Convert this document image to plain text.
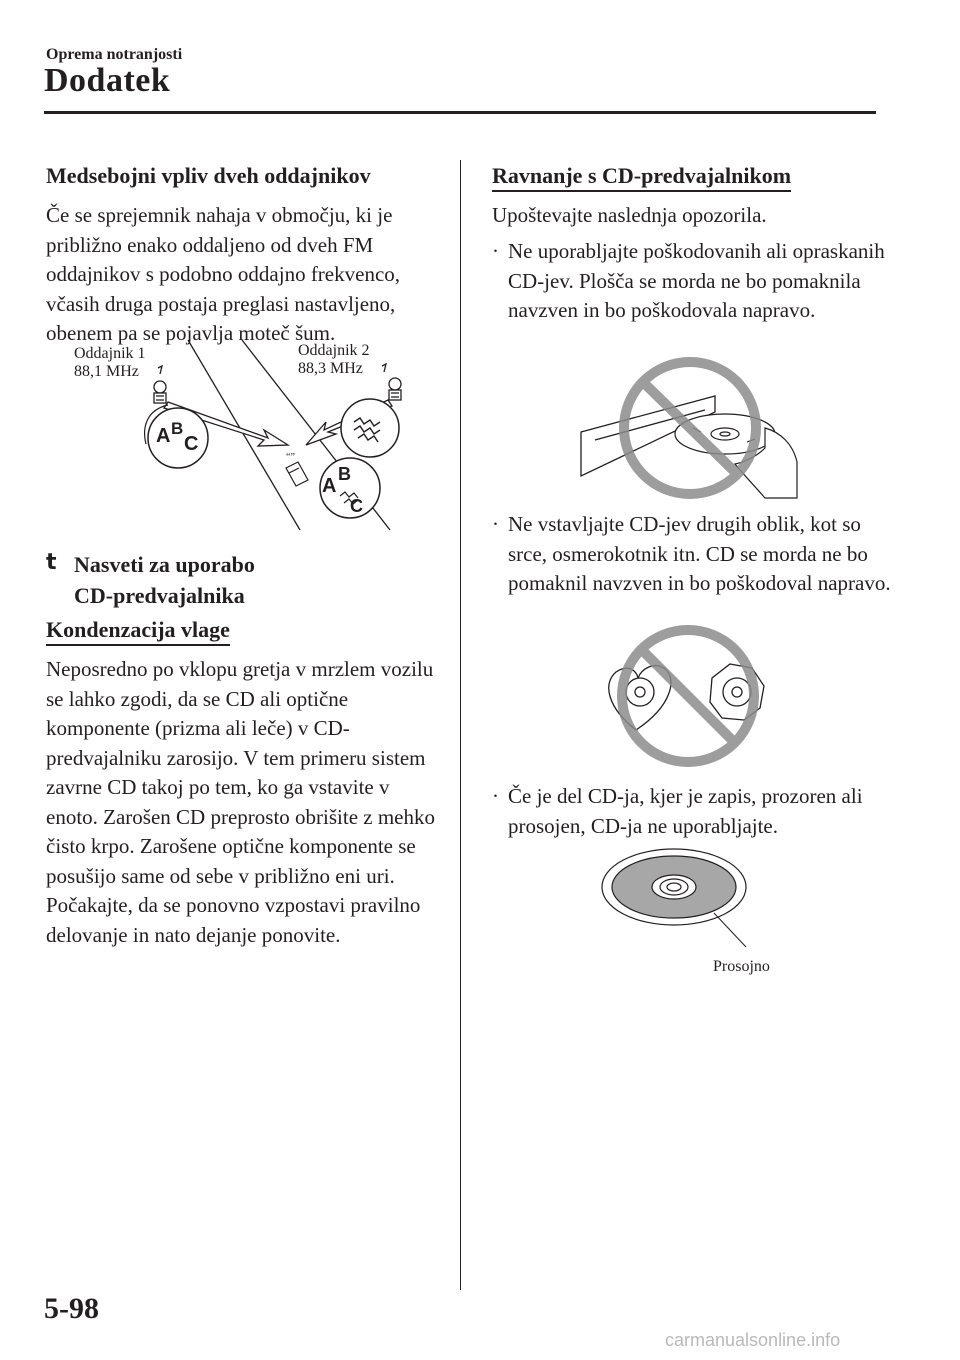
Oprema notranjosti
Dodatek
Medsebojni vpliv dveh oddajnikov
Če se sprejemnik nahaja v območju, ki je približno enako oddaljeno od dveh FM oddajnikov s podobno oddajno frekvenco, včasih druga postaja preglasi nastavljeno, obenem pa se pojavlja moteč šum.
Oddajnik 1
88,1 MHz
Oddajnik 2
88,3 MHz
A B
C
“”
A
B
C
t Nasveti za uporabo
CD-predvajalnika
Kondenzacija vlage
Neposredno po vklopu gretja v mrzlem vozilu se lahko zgodi, da se CD ali optične komponente (prizma ali leče) v CD-predvajalniku zarosijo. V tem primeru sistem zavrne CD takoj po tem, ko ga vstavite v enoto. Zarošen CD preprosto obrišite z mehko čisto krpo. Zarošene optične komponente se posušijo same od sebe v približno eni uri. Počakajte, da se ponovno vzpostavi pravilno delovanje in nato dejanje ponovite.
Ravnanje s CD-predvajalnikom
Upoštevajte naslednja opozorila.
· Ne uporabljajte poškodovanih ali opraskanih CD-jev. Plošča se morda ne bo pomaknila navzven in bo poškodovala napravo.
· Ne vstavljajte CD-jev drugih oblik, kot so srce, osmerokotnik itn. CD se morda ne bo pomaknil navzven in bo poškodoval napravo.
· Če je del CD-ja, kjer je zapis, prozoren ali prosojen, CD-ja ne uporabljajte.
Prosojno
5-98
carmanualsonline.info
